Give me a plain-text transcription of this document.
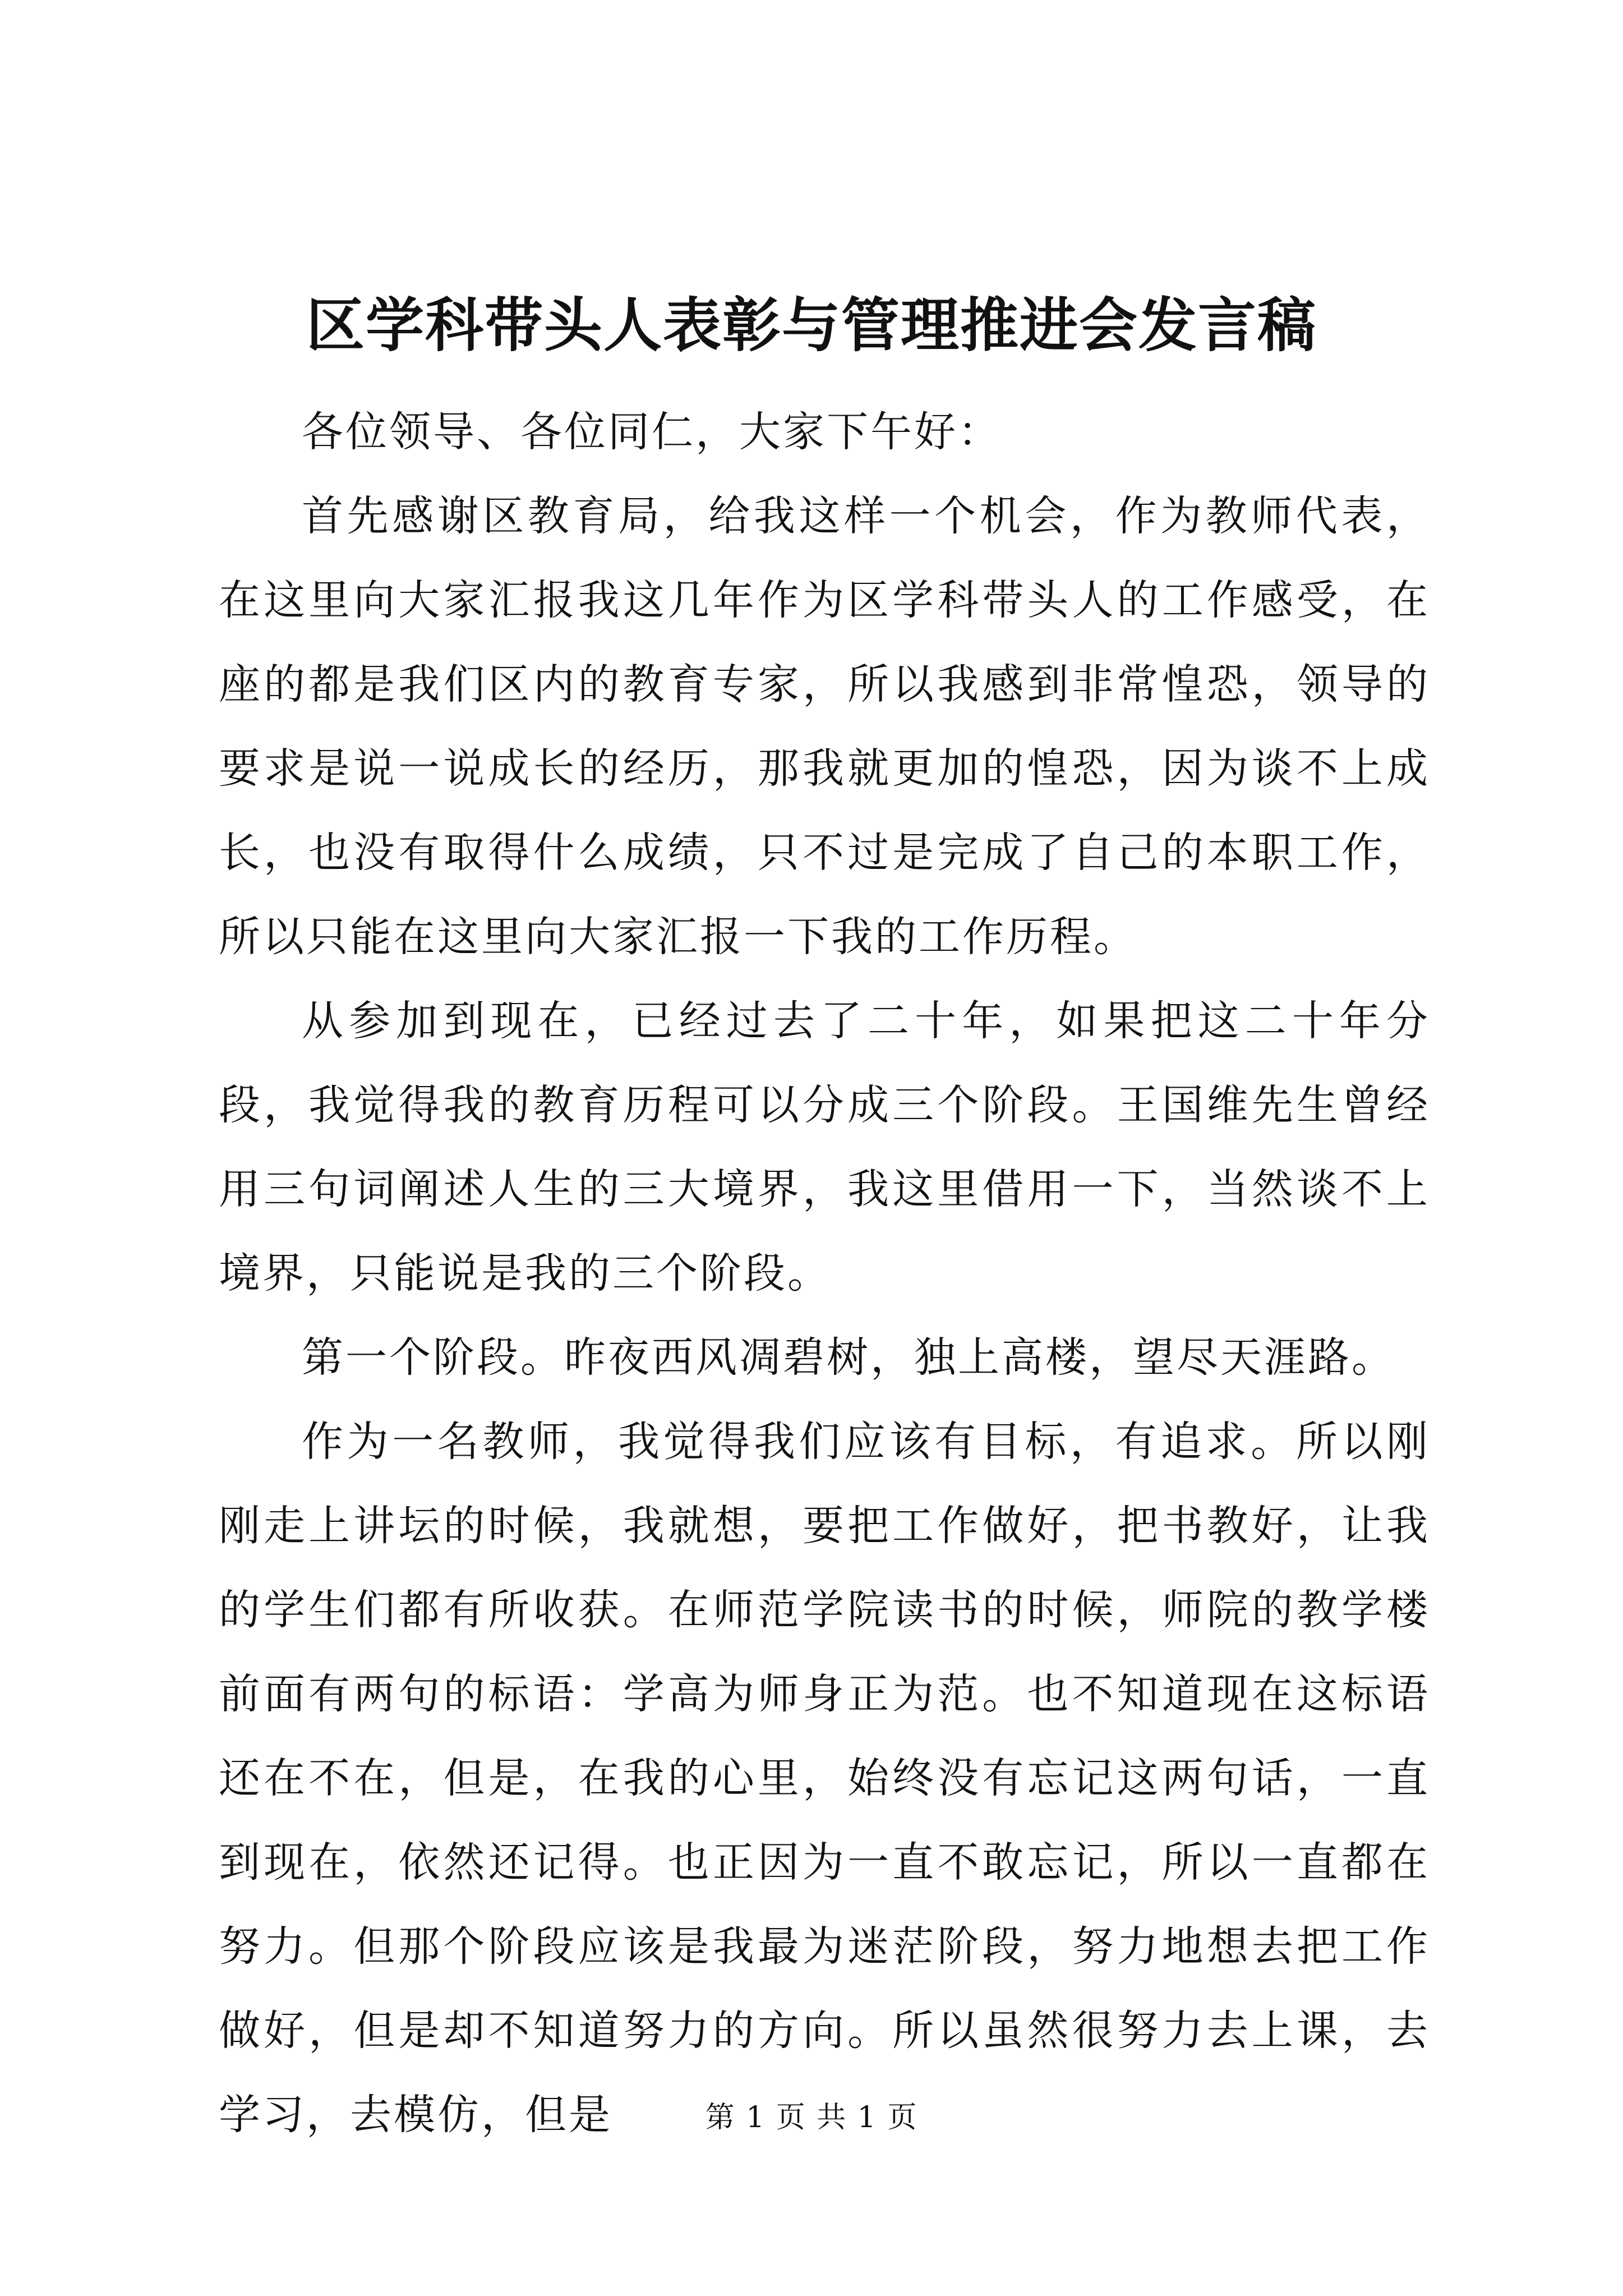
区学科带头人表彰与管理推进会发言稿

各位领导、各位同仁，大家下午好：

首先感谢区教育局，给我这样一个机会，作为教师代表，在这里向大家汇报我这几年作为区学科带头人的工作感受，在座的都是我们区内的教育专家，所以我感到非常惶恐，领导的要求是说一说成长的经历，那我就更加的惶恐，因为谈不上成长，也没有取得什么成绩，只不过是完成了自己的本职工作，所以只能在这里向大家汇报一下我的工作历程。

从参加到现在，已经过去了二十年，如果把这二十年分段，我觉得我的教育历程可以分成三个阶段。王国维先生曾经用三句词阐述人生的三大境界，我这里借用一下，当然谈不上境界，只能说是我的三个阶段。

第一个阶段。昨夜西风凋碧树，独上高楼，望尽天涯路。

作为一名教师，我觉得我们应该有目标，有追求。所以刚刚走上讲坛的时候，我就想，要把工作做好，把书教好，让我的学生们都有所收获。在师范学院读书的时候，师院的教学楼前面有两句的标语：学高为师身正为范。也不知道现在这标语还在不在，但是，在我的心里，始终没有忘记这两句话，一直到现在，依然还记得。也正因为一直不敢忘记，所以一直都在努力。但那个阶段应该是我最为迷茫阶段，努力地想去把工作做好，但是却不知道努力的方向。所以虽然很努力去上课，去学习，去模仿，但是	第 1 页 共 1 页
